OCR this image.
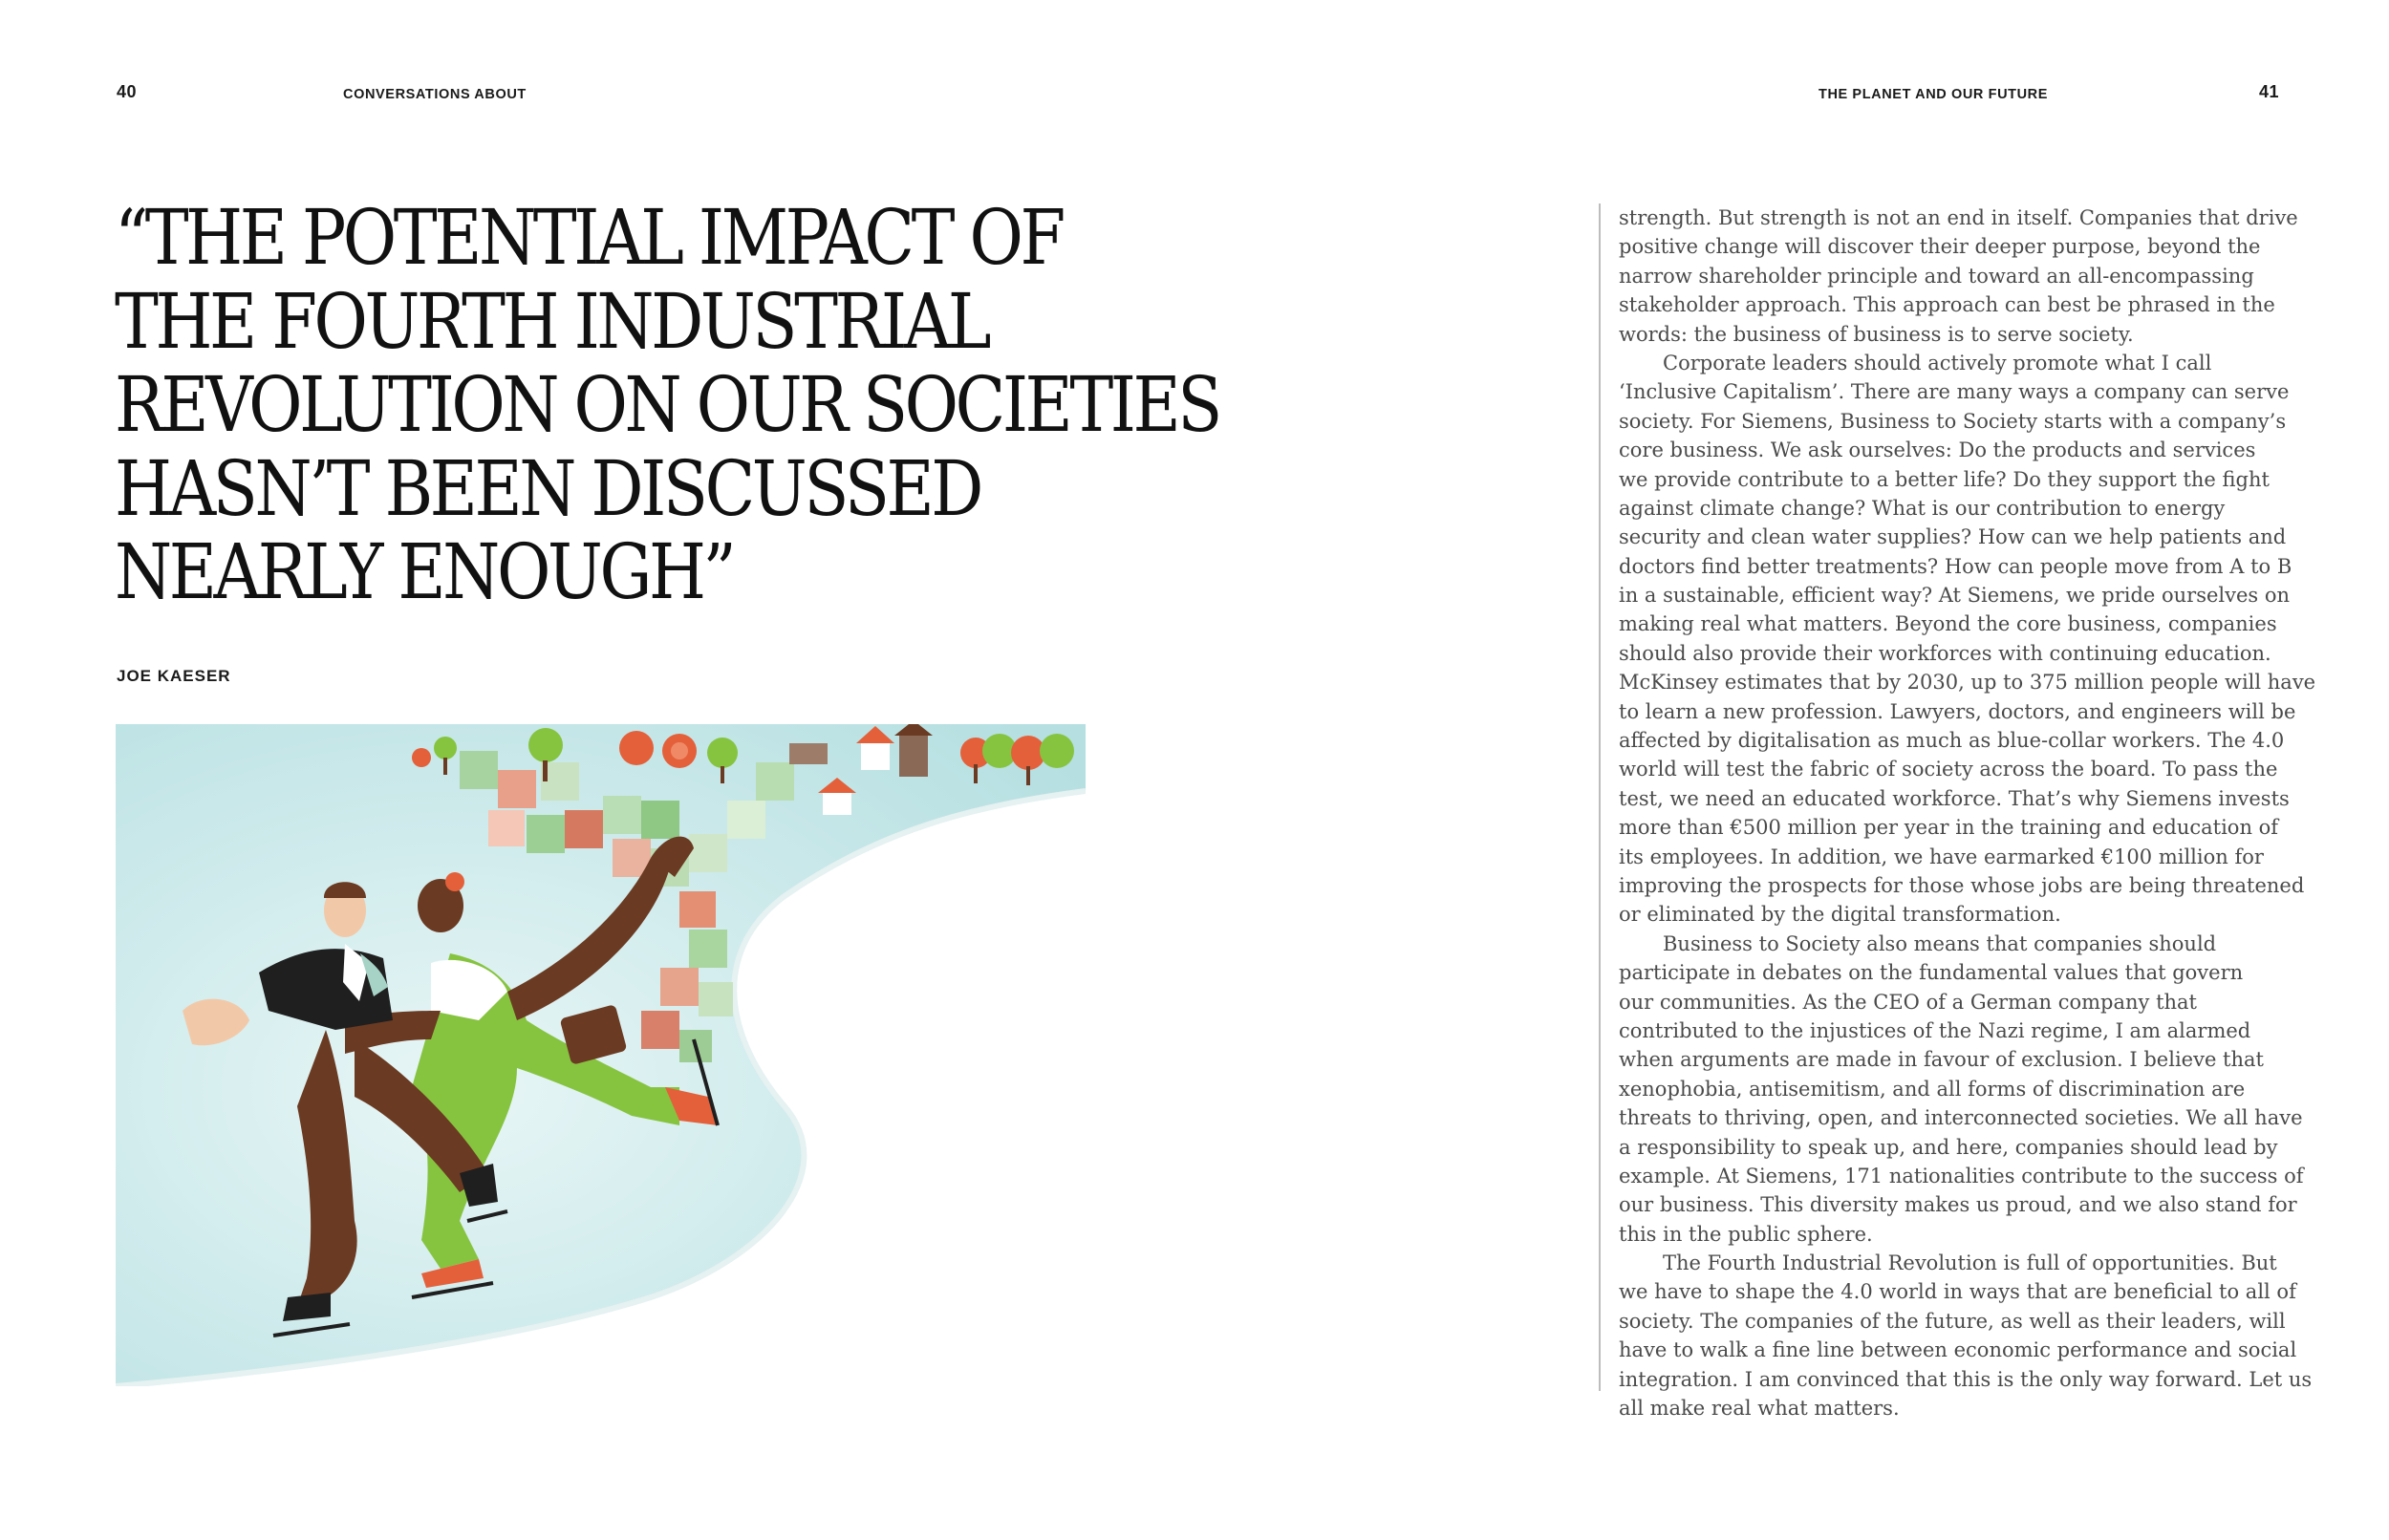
40	CONVERSATIONS ABOUT	THE PLANET AND OUR FUTURE	41
“THE POTENTIAL IMPACT OF
THE FOURTH INDUSTRIAL
REVOLUTION ON OUR SOCIETIES
HASN’T BEEN DISCUSSED
NEARLY ENOUGH”
JOE KAESER
strength. But strength is not an end in itself. Companies that drive
positive change will discover their deeper purpose, beyond the
narrow shareholder principle and toward an all-encompassing
stakeholder approach. This approach can best be phrased in the
words: the business of business is to serve society.
Corporate leaders should actively promote what I call
‘Inclusive Capitalism’. There are many ways a company can serve
society. For Siemens, Business to Society starts with a company’s
core business. We ask ourselves: Do the products and services
we provide contribute to a better life? Do they support the fight
against climate change? What is our contribution to energy
security and clean water supplies? How can we help patients and
doctors find better treatments? How can people move from A to B
in a sustainable, efficient way? At Siemens, we pride ourselves on
making real what matters. Beyond the core business, companies
should also provide their workforces with continuing education.
McKinsey estimates that by 2030, up to 375 million people will have
to learn a new profession. Lawyers, doctors, and engineers will be
affected by digitalisation as much as blue-collar workers. The 4.0
world will test the fabric of society across the board. To pass the
test, we need an educated workforce. That’s why Siemens invests
more than €500 million per year in the training and education of
its employees. In addition, we have earmarked €100 million for
improving the prospects for those whose jobs are being threatened
or eliminated by the digital transformation.
Business to Society also means that companies should
participate in debates on the fundamental values that govern
our communities. As the CEO of a German company that
contributed to the injustices of the Nazi regime, I am alarmed
when arguments are made in favour of exclusion. I believe that
xenophobia, antisemitism, and all forms of discrimination are
threats to thriving, open, and interconnected societies. We all have
a responsibility to speak up, and here, companies should lead by
example. At Siemens, 171 nationalities contribute to the success of
our business. This diversity makes us proud, and we also stand for
this in the public sphere.
The Fourth Industrial Revolution is full of opportunities. But
we have to shape the 4.0 world in ways that are beneficial to all of
society. The companies of the future, as well as their leaders, will
have to walk a fine line between economic performance and social
integration. I am convinced that this is the only way forward. Let us
all make real what matters.
